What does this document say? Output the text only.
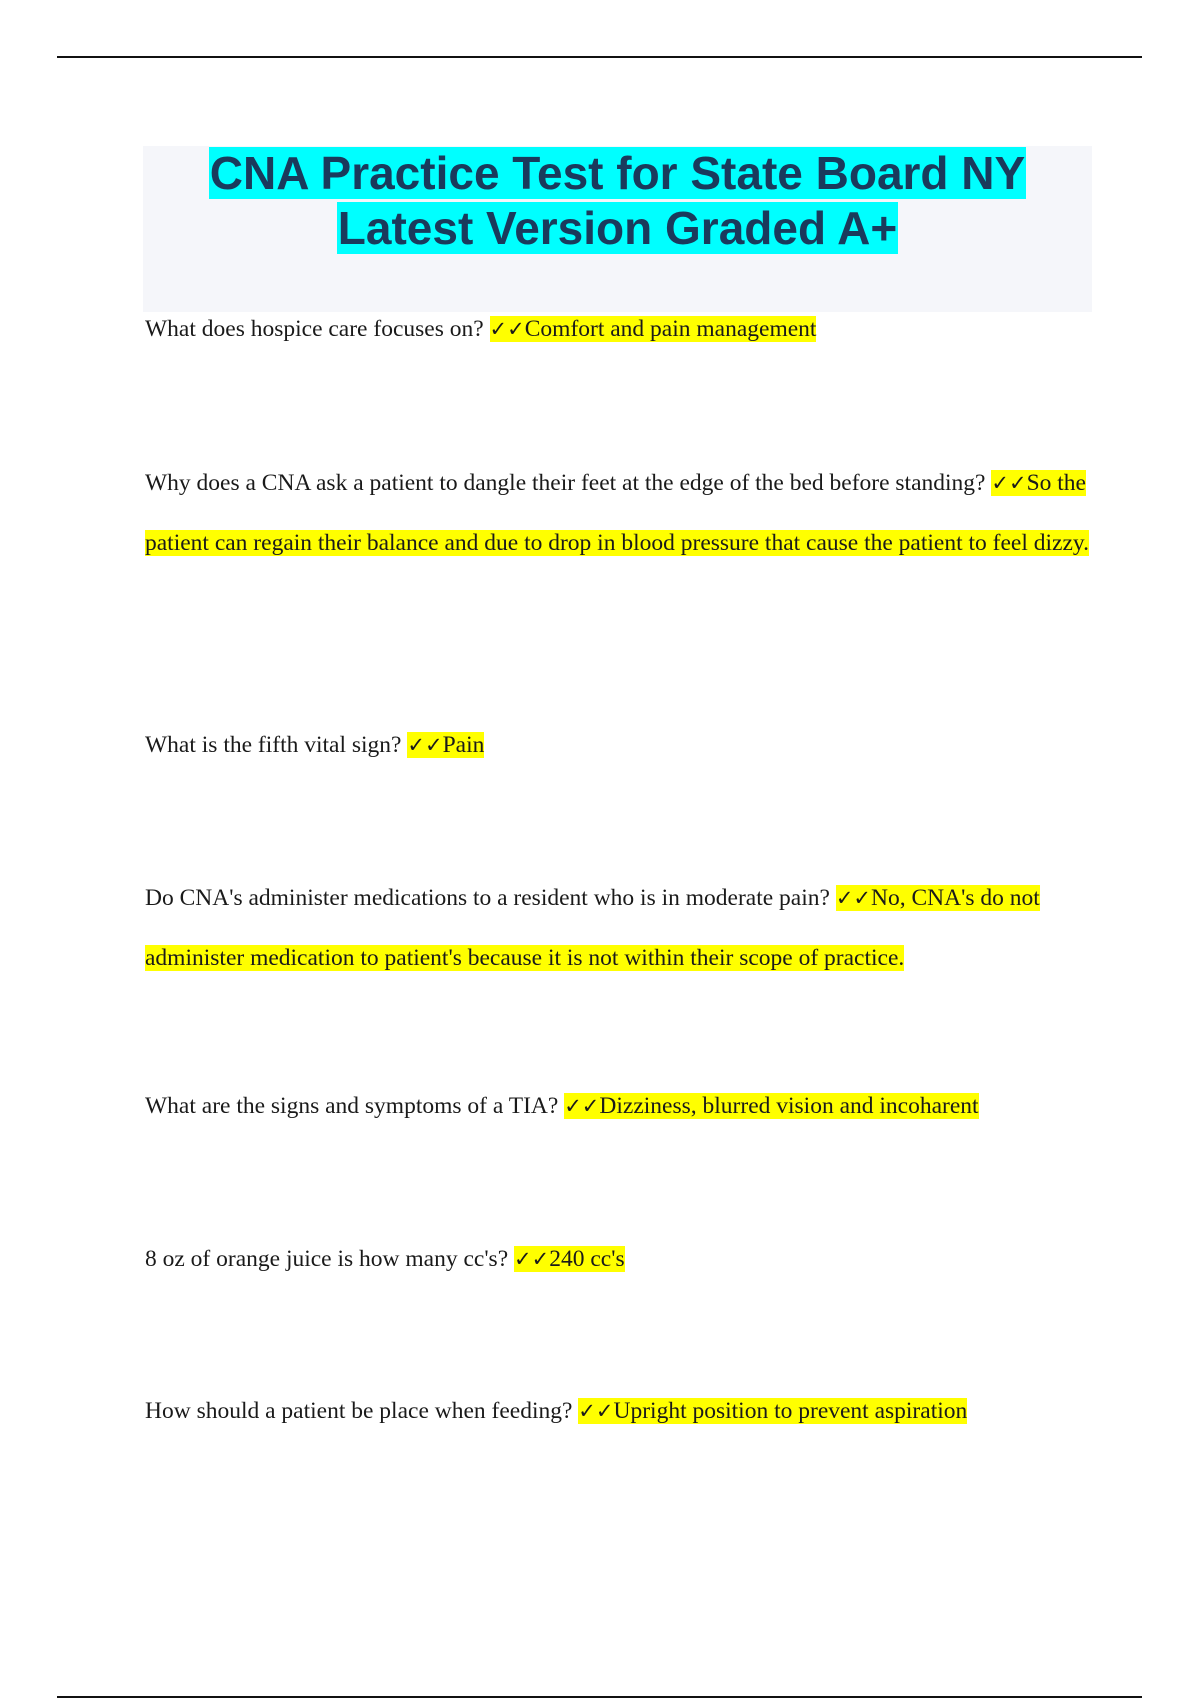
CNA Practice Test for State Board NY
Latest Version Graded A+

What does hospice care focuses on? ✓✓Comfort and pain management

Why does a CNA ask a patient to dangle their feet at the edge of the bed before standing? ✓✓So the patient can regain their balance and due to drop in blood pressure that cause the patient to feel dizzy.

What is the fifth vital sign? ✓✓Pain

Do CNA's administer medications to a resident who is in moderate pain? ✓✓No, CNA's do not administer medication to patient's because it is not within their scope of practice.

What are the signs and symptoms of a TIA? ✓✓Dizziness, blurred vision and incoharent

8 oz of orange juice is how many cc's? ✓✓240 cc's

How should a patient be place when feeding? ✓✓Upright position to prevent aspiration
